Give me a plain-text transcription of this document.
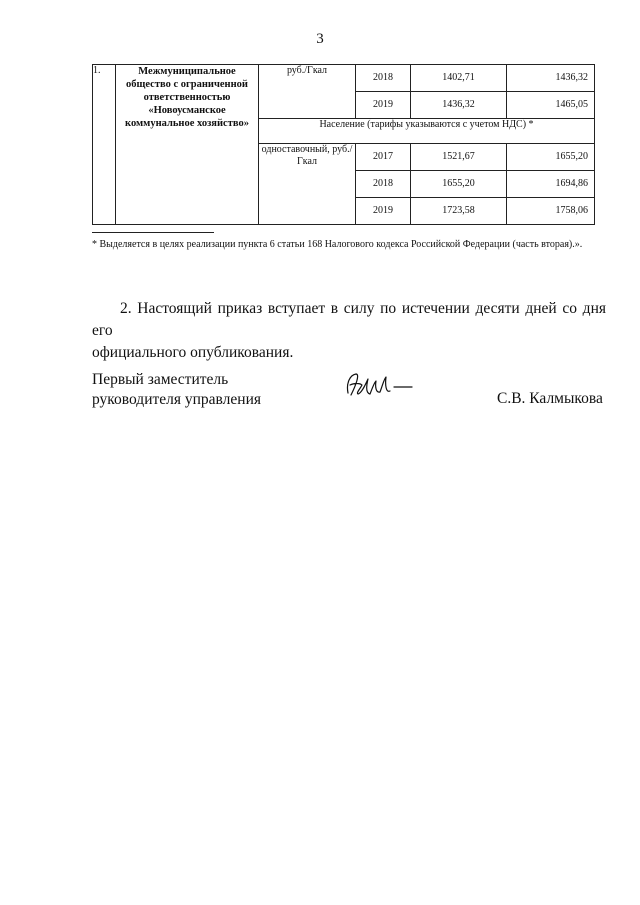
3
1.	Межмуниципальное общество с ограниченной ответственностью «Новоусманское коммунальное хозяйство»	руб./Гкал	2018	1402,71	1436,32
			2019	1436,32	1465,05
		Население (тарифы указываются с учетом НДС) *			
		одноставочный, руб./Гкал	2017	1521,67	1655,20
			2018	1655,20	1694,86
			2019	1723,58	1758,06
* Выделяется в целях реализации пункта 6 статьи 168 Налогового кодекса Российской Федерации (часть вторая).».
2. Настоящий приказ вступает в силу по истечении десяти дней со дня его
официального опубликования.
Первый заместитель
руководителя управления	С.В. Калмыкова
